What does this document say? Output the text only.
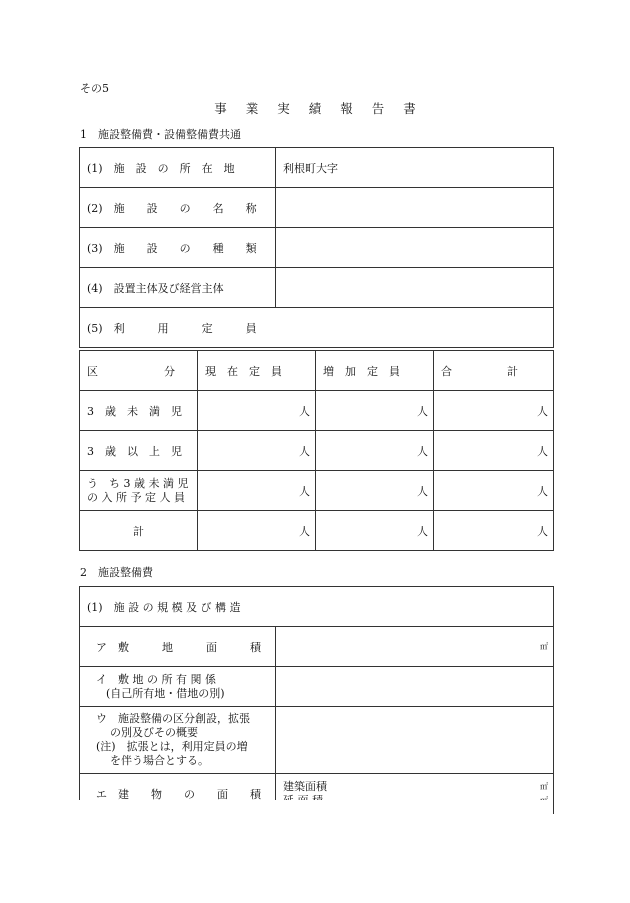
その5
事業実績報告書
1　施設整備費・設備整備費共通
(1)　施　設　の　所　在　地	利根町大字
(2)　施　　設　　の　　名　　称	
(3)　施　　設　　の　　種　　類	
(4)　設置主体及び経営主体	
(5)　利　　　用　　　定　　　員	
区　　　　　　分	現　在　定　員	増　加　定　員	合　　　　　計
3　歳　未　満　児	人	人	人
3　歳　以　上　児	人	人	人

う　ち 3 歳 未 満 児
の 入 所 予 定 人 員	人	人	人
計	人	人	人
2　施設整備費
(1)　施 設 の 規 模 及 び 構 造	
ア　敷　　　地　　　面　　　積	㎡

イ　敷 地 の 所 有 関 係
(自己所有地・借地の別)	

ウ　施設整備の区分創設，拡張
の別及びその概要
(注)　拡張とは，利用定員の増
を伴う場合とする。	

エ　建　　物　　の　　面　　積	建築面積 ㎡
